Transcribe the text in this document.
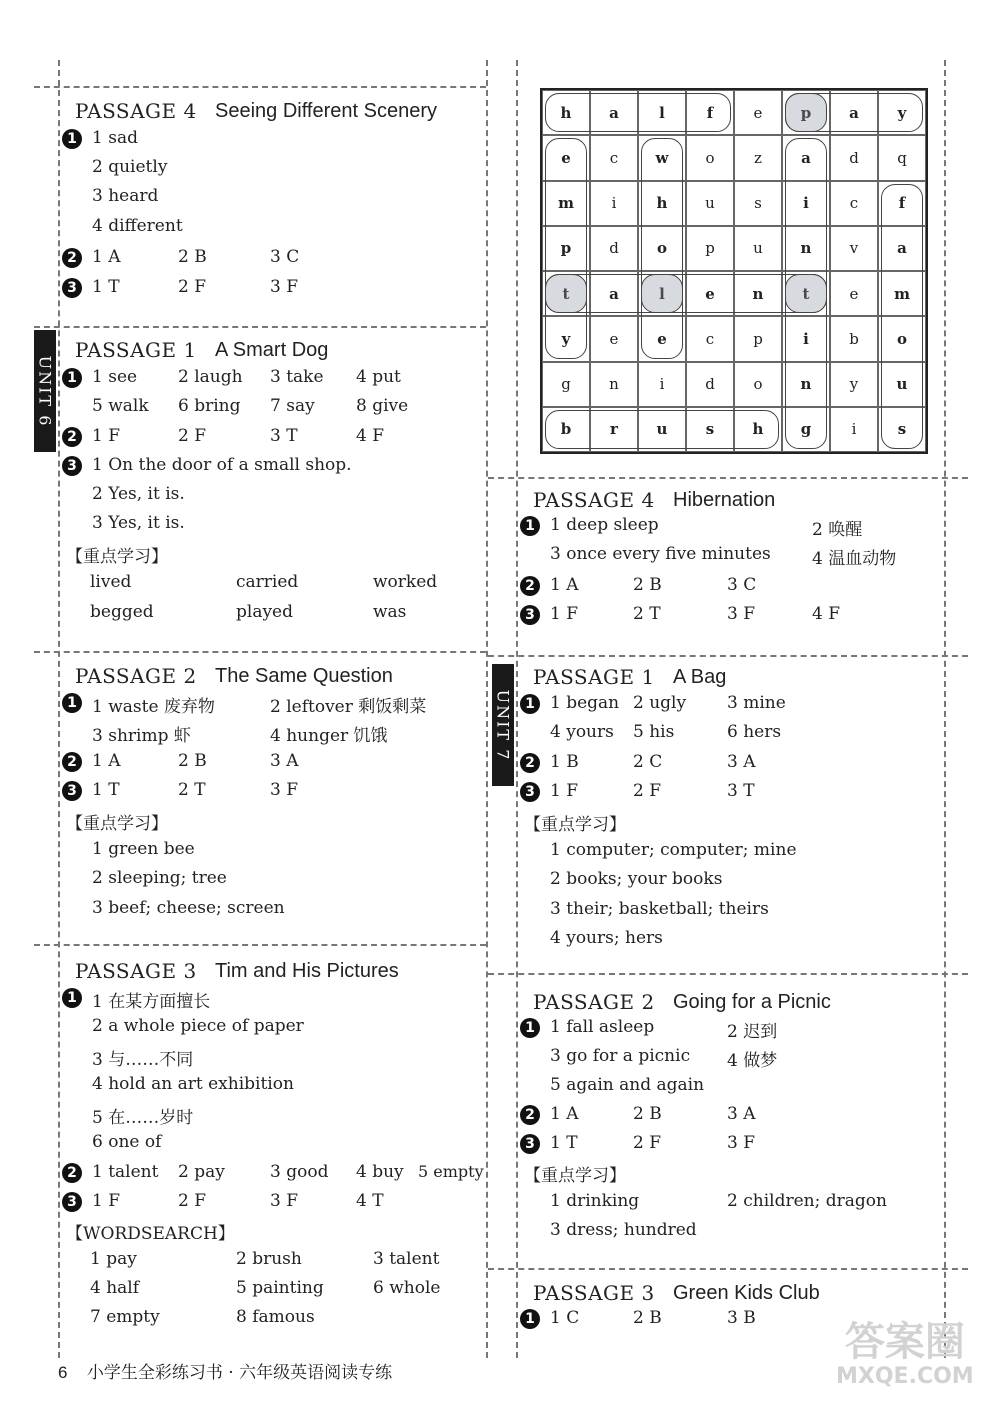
UNIT 6
UNIT 7
PASSAGE 4 Seeing Different Scenery
1 1 sad
2 quietly
3 heard
4 different
2 1 A	2 B	3 C
3 1 T	2 F	3 F
PASSAGE 1 A Smart Dog
1 1 see 2 laugh 3 take 4 put
5 walk 6 bring 7 say 8 give
2 1 F	2 F	3 T	4 F
3 1 On the door of a small shop.
2 Yes, it is.
3 Yes, it is.
【重点学习】
lived	carried	worked
begged	played	was
PASSAGE 2 The Same Question
1 1 waste 废弃物	2 leftover 剩饭剩菜
3 shrimp 虾	4 hunger 饥饿
2 1 A	2 B	3 A
3 1 T	2 T	3 F
【重点学习】
1 green bee
2 sleeping; tree
3 beef; cheese; screen
PASSAGE 3 Tim and His Pictures
1 1 在某方面擅长
2 a whole piece of paper
3 与……不同
4 hold an art exhibition
5 在……岁时
6 one of
2 1 talent 2 pay	3 good 4 buy 5 empty
3 1 F	2 F	3 F	4 T
【WORDSEARCH】
1 pay	2 brush	3 talent
4 half	5 painting	6 whole
7 empty	8 famous
h	a	l	f	e	p	a	y
e	c	w	o	z	a	d	q
m	i	h	u	s	i	c	f
p	d	o	p	u	n	v	a
t	a	l	e	n	t	e	m
y	e	e	c	p	i	b	o
g	n	i	d	o	n	y	u
b	r	u	s	h	g	i	s
PASSAGE 4 Hibernation
1 1 deep sleep	2 唤醒
3 once every five minutes 4 温血动物
2 1 A	2 B	3 C
3 1 F	2 T	3 F	4 F
PASSAGE 1 A Bag
1 1 began 2 ugly 3 mine
4 yours 5 his	6 hers
2 1 B	2 C	3 A
3 1 F	2 F	3 T
【重点学习】
1 computer; computer; mine
2 books; your books
3 their; basketball; theirs
4 yours; hers
PASSAGE 2 Going for a Picnic
1 1 fall asleep	2 迟到
3 go for a picnic 4 做梦
5 again and again
2 1 A	2 B	3 A
3 1 T	2 F	3 F
【重点学习】
1 drinking	2 children; dragon
3 dress; hundred
PASSAGE 3 Green Kids Club
1 1 C	2 B	3 B
6 小学生全彩练习书 · 六年级英语阅读专练
答案圈
MXQE.COM
